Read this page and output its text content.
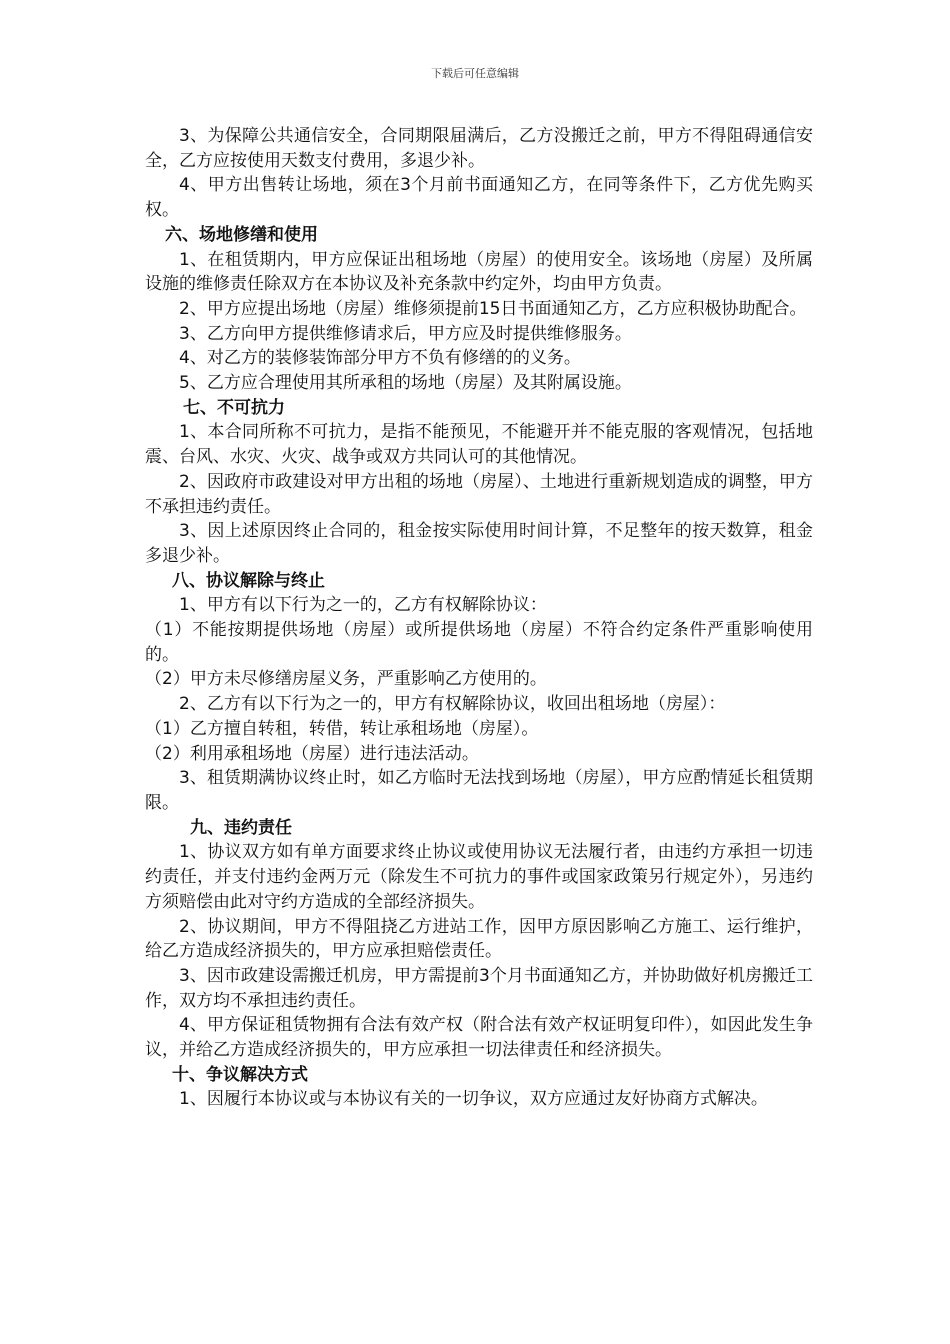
下载后可任意编辑

3、为保障公共通信安全，合同期限届满后，乙方没搬迁之前，甲方不得阻碍通信安全，乙方应按使用天数支付费用，多退少补。

4、甲方出售转让场地，须在3个月前书面通知乙方，在同等条件下，乙方优先购买权。

六、场地修缮和使用

1、在租赁期内，甲方应保证出租场地（房屋）的使用安全。该场地（房屋）及所属设施的维修责任除双方在本协议及补充条款中约定外，均由甲方负责。

2、甲方应提出场地（房屋）维修须提前15日书面通知乙方，乙方应积极协助配合。

3、乙方向甲方提供维修请求后，甲方应及时提供维修服务。

4、对乙方的装修装饰部分甲方不负有修缮的的义务。

5、乙方应合理使用其所承租的场地（房屋）及其附属设施。

七、不可抗力

1、本合同所称不可抗力，是指不能预见，不能避开并不能克服的客观情况，包括地震、台风、水灾、火灾、战争或双方共同认可的其他情况。

2、因政府市政建设对甲方出租的场地（房屋）、土地进行重新规划造成的调整，甲方不承担违约责任。

3、因上述原因终止合同的，租金按实际使用时间计算，不足整年的按天数算，租金多退少补。

八、协议解除与终止

1、甲方有以下行为之一的，乙方有权解除协议：

（1）不能按期提供场地（房屋）或所提供场地（房屋）不符合约定条件严重影响使用的。

（2）甲方未尽修缮房屋义务，严重影响乙方使用的。

2、乙方有以下行为之一的，甲方有权解除协议，收回出租场地（房屋）：

（1）乙方擅自转租，转借，转让承租场地（房屋）。

（2）利用承租场地（房屋）进行违法活动。

3、租赁期满协议终止时，如乙方临时无法找到场地（房屋），甲方应酌情延长租赁期限。

九、违约责任

1、协议双方如有单方面要求终止协议或使用协议无法履行者，由违约方承担一切违约责任，并支付违约金两万元（除发生不可抗力的事件或国家政策另行规定外），另违约方须赔偿由此对守约方造成的全部经济损失。

2、协议期间，甲方不得阻挠乙方进站工作，因甲方原因影响乙方施工、运行维护，给乙方造成经济损失的，甲方应承担赔偿责任。

3、因市政建设需搬迁机房，甲方需提前3个月书面通知乙方，并协助做好机房搬迁工作，双方均不承担违约责任。

4、甲方保证租赁物拥有合法有效产权（附合法有效产权证明复印件），如因此发生争议，并给乙方造成经济损失的，甲方应承担一切法律责任和经济损失。

十、争议解决方式

1、因履行本协议或与本协议有关的一切争议，双方应通过友好协商方式解决。
